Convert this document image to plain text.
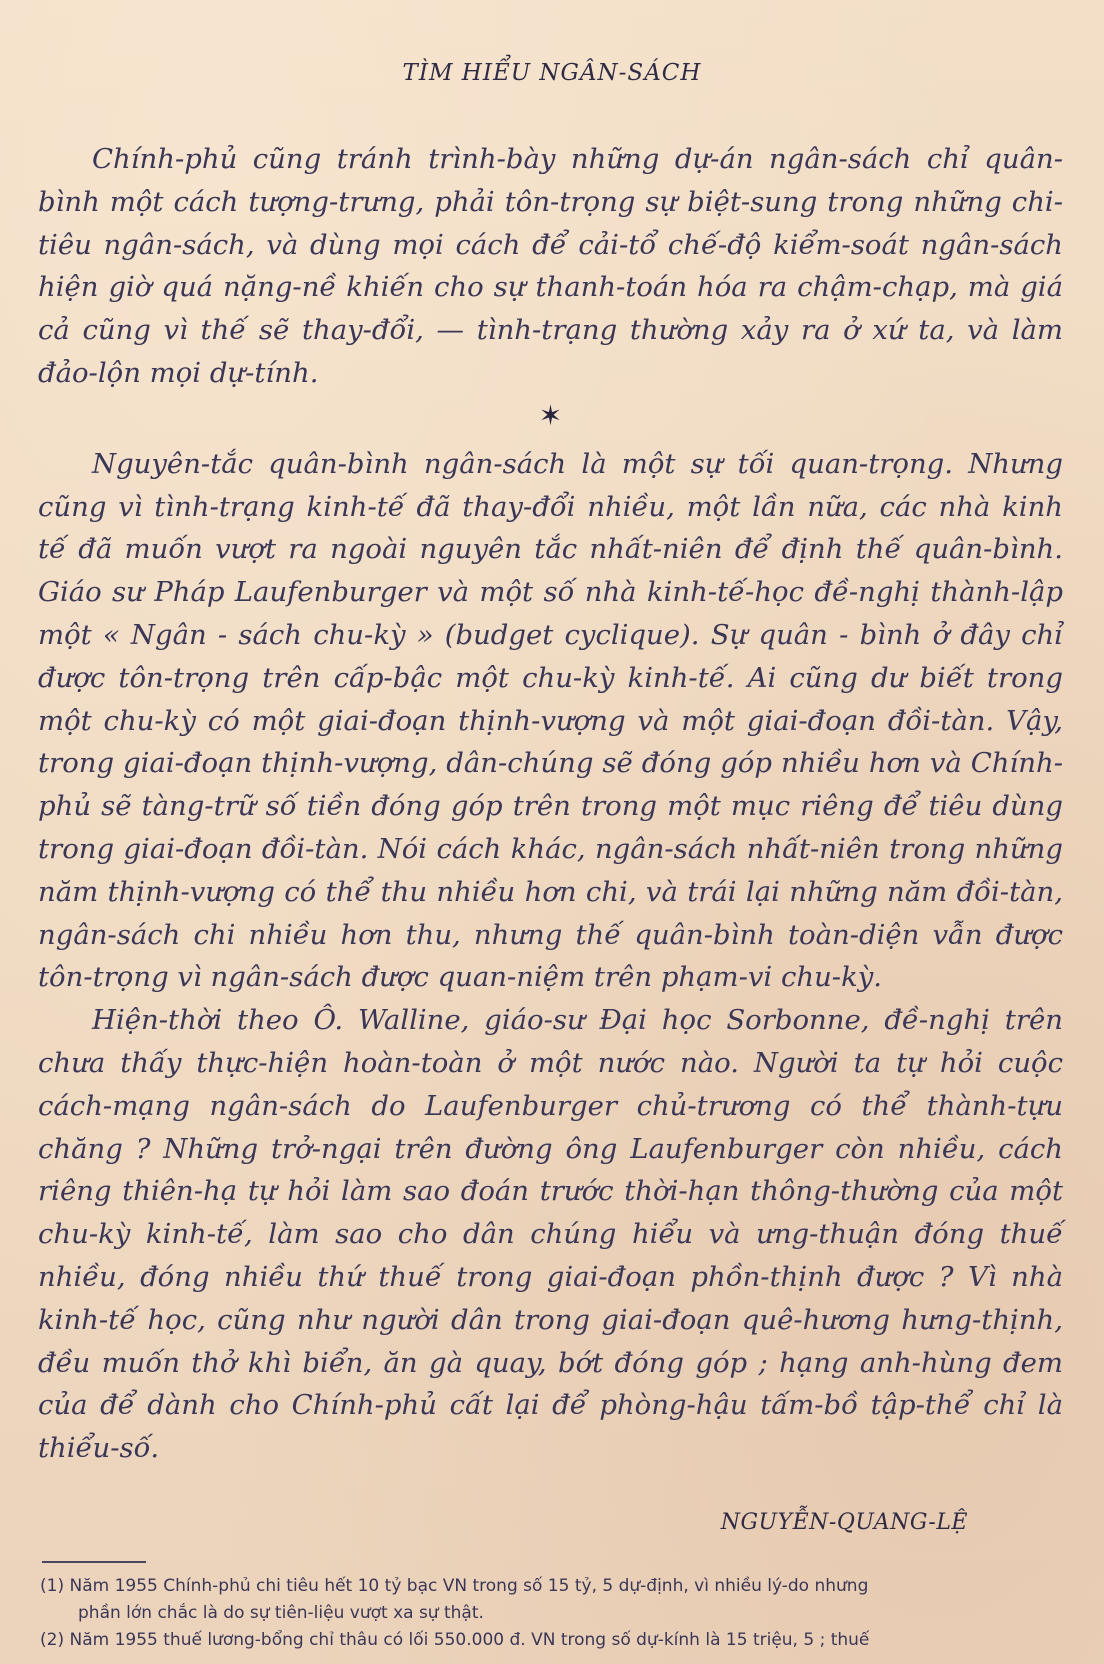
TÌM HIỂU NGÂN-SÁCH

Chính-phủ cũng tránh trình-bày những dự-án ngân-sách chỉ quân-bình một cách tượng-trưng, phải tôn-trọng sự biệt-sung trong những chi-tiêu ngân-sách, và dùng mọi cách để cải-tổ chế-độ kiểm-soát ngân-sách hiện giờ quá nặng-nề khiến cho sự thanh-toán hóa ra chậm-chạp, mà giá cả cũng vì thế sẽ thay-đổi, — tình-trạng thường xảy ra ở xứ ta, và làm đảo-lộn mọi dự-tính.

✶

Nguyên-tắc quân-bình ngân-sách là một sự tối quan-trọng. Nhưng cũng vì tình-trạng kinh-tế đã thay-đổi nhiều, một lần nữa, các nhà kinh tế đã muốn vượt ra ngoài nguyên tắc nhất-niên để định thế quân-bình. Giáo sư Pháp Laufenburger và một số nhà kinh-tế-học đề-nghị thành-lập một « Ngân - sách chu-kỳ » (budget cyclique). Sự quân - bình ở đây chỉ được tôn-trọng trên cấp-bậc một chu-kỳ kinh-tế. Ai cũng dư biết trong một chu-kỳ có một giai-đoạn thịnh-vượng và một giai-đoạn đồi-tàn. Vậy, trong giai-đoạn thịnh-vượng, dân-chúng sẽ đóng góp nhiều hơn và Chính-phủ sẽ tàng-trữ số tiền đóng góp trên trong một mục riêng để tiêu dùng trong giai-đoạn đồi-tàn. Nói cách khác, ngân-sách nhất-niên trong những năm thịnh-vượng có thể thu nhiều hơn chi, và trái lại những năm đồi-tàn, ngân-sách chi nhiều hơn thu, nhưng thế quân-bình toàn-diện vẫn được tôn-trọng vì ngân-sách được quan-niệm trên phạm-vi chu-kỳ.

Hiện-thời theo Ô. Walline, giáo-sư Đại học Sorbonne, đề-nghị trên chưa thấy thực-hiện hoàn-toàn ở một nước nào. Người ta tự hỏi cuộc cách-mạng ngân-sách do Laufenburger chủ-trương có thể thành-tựu chăng ? Những trở-ngại trên đường ông Laufenburger còn nhiều, cách riêng thiên-hạ tự hỏi làm sao đoán trước thời-hạn thông-thường của một chu-kỳ kinh-tế, làm sao cho dân chúng hiểu và ưng-thuận đóng thuế nhiều, đóng nhiều thứ thuế trong giai-đoạn phồn-thịnh được ? Vì nhà kinh-tế học, cũng như người dân trong giai-đoạn quê-hương hưng-thịnh, đều muốn thở khì biển, ăn gà quay, bớt đóng góp ; hạng anh-hùng đem của để dành cho Chính-phủ cất lại để phòng-hậu tấm-bồ tập-thể chỉ là thiểu-số.

NGUYỄN-QUANG-LỆ

(1) Năm 1955 Chính-phủ chi tiêu hết 10 tỷ bạc VN trong số 15 tỷ, 5 dự-định, vì nhiều lý-do nhưng

phần lớn chắc là do sự tiên-liệu vượt xa sự thật.

(2) Năm 1955 thuế lương-bổng chỉ thâu có lối 550.000 đ. VN trong số dự-kính là 15 triệu, 5 ; thuế
